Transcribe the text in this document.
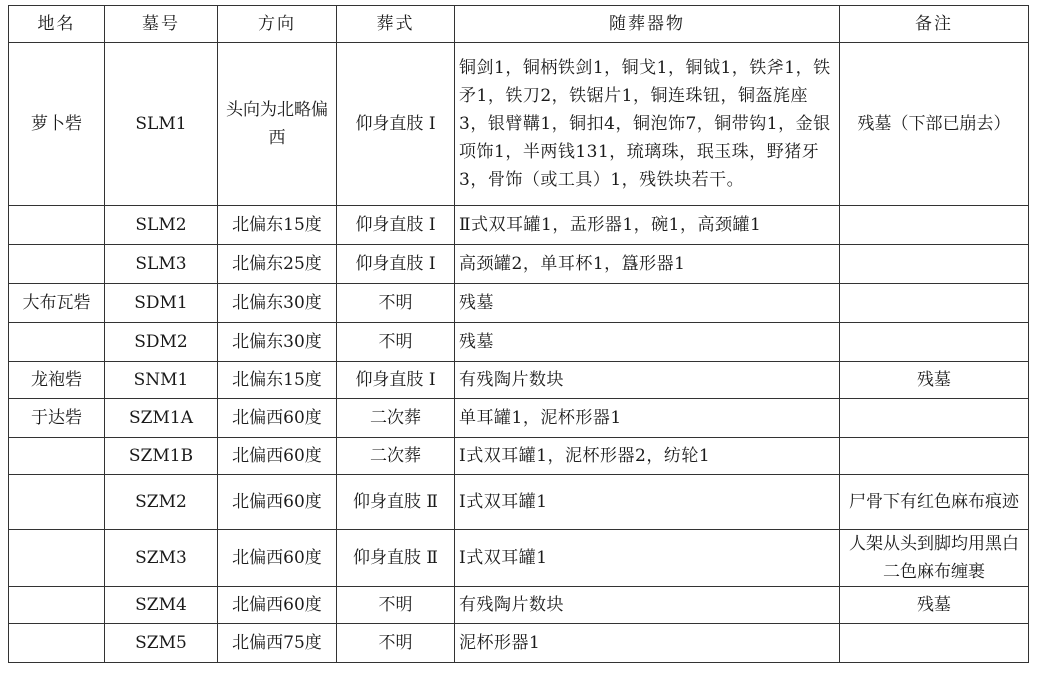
地名	墓号	方向	葬式	随葬器物	备注
萝卜砦	SLM1	头向为北略偏西	仰身直肢 Ⅰ	铜剑1，铜柄铁剑1，铜戈1，铜钺1，铁斧1，铁矛1，铁刀2，铁锯片1，铜连珠钮，铜盔旄座3，银臂鞲1，铜扣4，铜泡饰7，铜带钩1，金银项饰1，半两钱131，琉璃珠，珉玉珠，野猪牙3，骨饰（或工具）1，残铁块若干。	残墓（下部已崩去）
	SLM2	北偏东15度	仰身直肢 Ⅰ	Ⅱ式双耳罐1，盂形器1，碗1，高颈罐1	
	SLM3	北偏东25度	仰身直肢 Ⅰ	高颈罐2，单耳杯1，簋形器1	
大布瓦砦	SDM1	北偏东30度	不明	残墓	
	SDM2	北偏东30度	不明	残墓	
龙袍砦	SNM1	北偏东15度	仰身直肢 Ⅰ	有残陶片数块	残墓
于达砦	SZM1A	北偏西60度	二次葬	单耳罐1，泥杯形器1	
	SZM1B	北偏西60度	二次葬	Ⅰ式双耳罐1，泥杯形器2，纺轮1	
	SZM2	北偏西60度	仰身直肢 Ⅱ	Ⅰ式双耳罐1	尸骨下有红色麻布痕迹
	SZM3	北偏西60度	仰身直肢 Ⅱ	Ⅰ式双耳罐1	人架从头到脚均用黑白二色麻布缠裹
	SZM4	北偏西60度	不明	有残陶片数块	残墓
	SZM5	北偏西75度	不明	泥杯形器1	
